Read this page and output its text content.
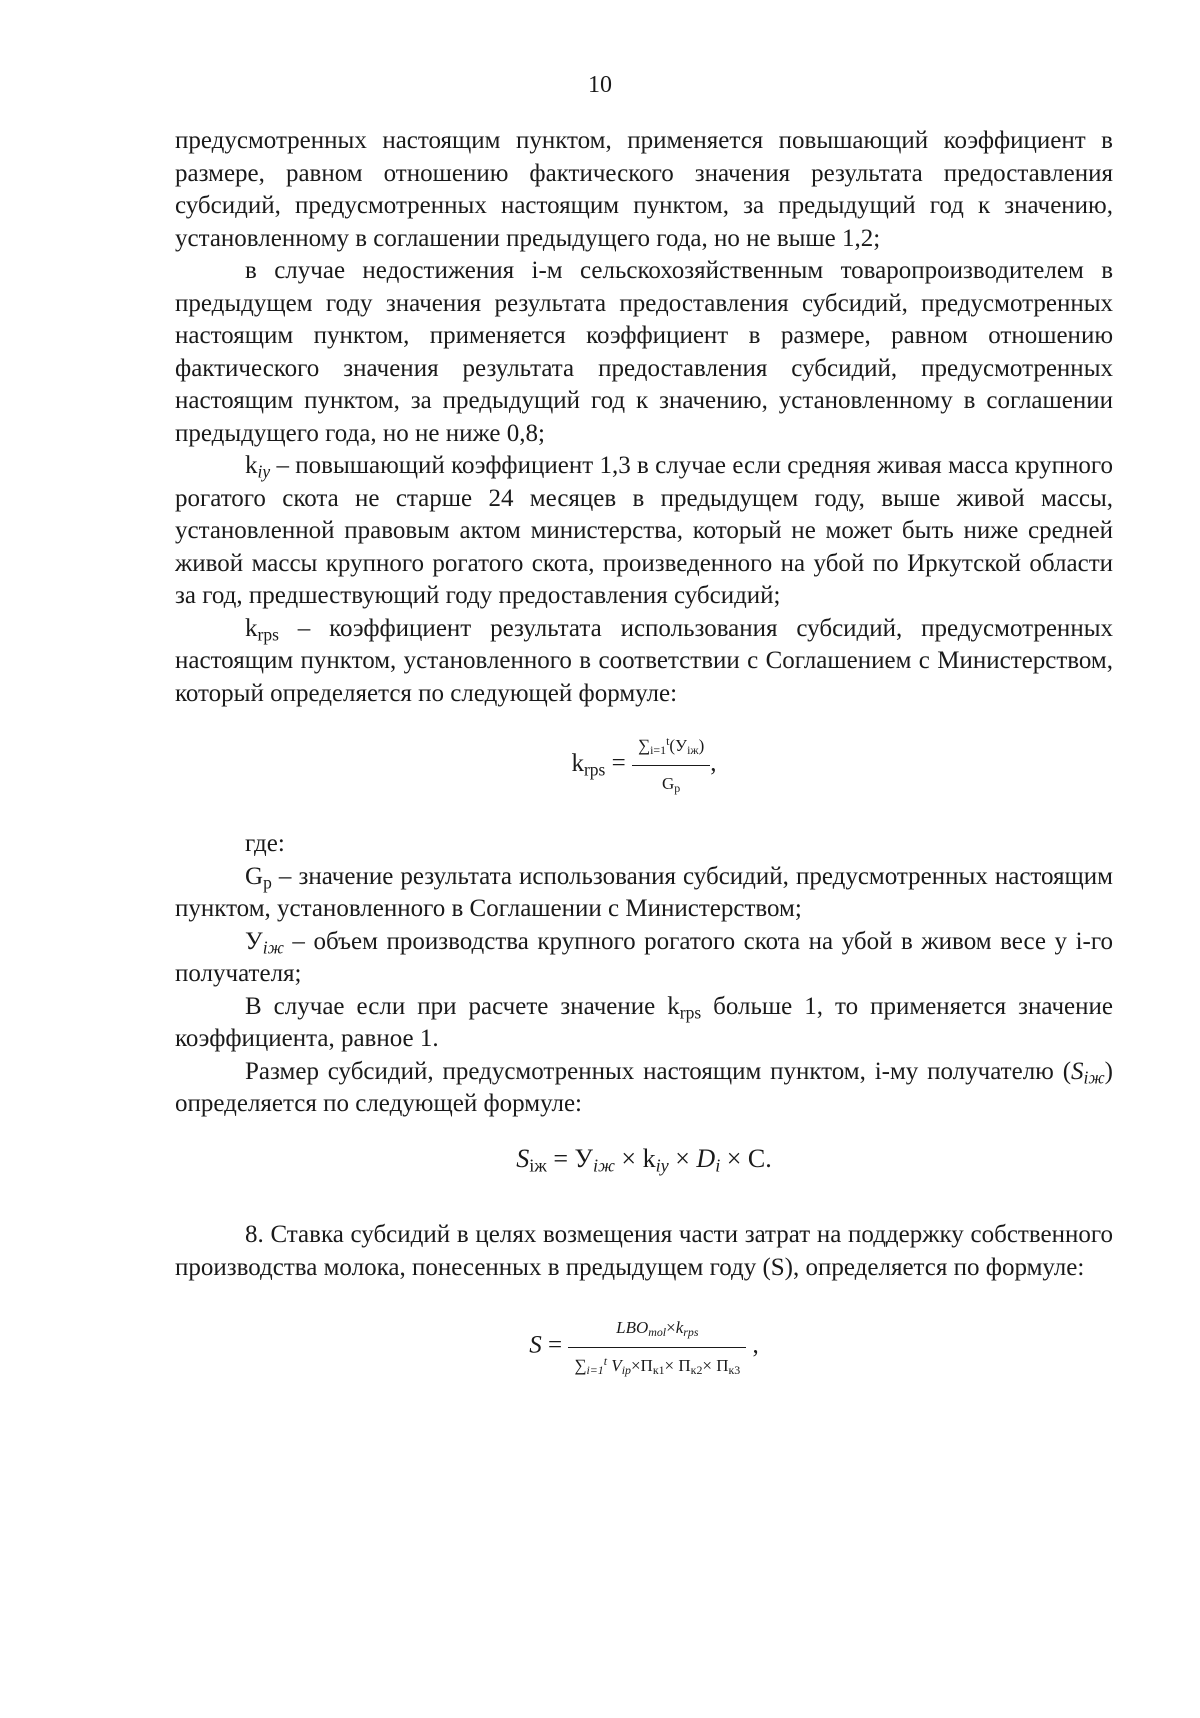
10

предусмотренных настоящим пунктом, применяется повышающий коэффициент в размере, равном отношению фактического значения результата предоставления субсидий, предусмотренных настоящим пунктом, за предыдущий год к значению, установленному в соглашении предыдущего года, но не выше 1,2;

в случае недостижения i-м сельскохозяйственным товаропроизводителем в предыдущем году значения результата предоставления субсидий, предусмотренных настоящим пунктом, применяется коэффициент в размере, равном отношению фактического значения результата предоставления субсидий, предусмотренных настоящим пунктом, за предыдущий год к значению, установленному в соглашении предыдущего года, но не ниже 0,8;

$k_{iу}$ – повышающий коэффициент 1,3 в случае если средняя живая масса крупного рогатого скота не старше 24 месяцев в предыдущем году, выше живой массы, установленной правовым актом министерства, который не может быть ниже средней живой массы крупного рогатого скота, произведенного на убой по Иркутской области за год, предшествующий году предоставления субсидий;

$k_{rps}$ – коэффициент результата использования субсидий, предусмотренных настоящим пунктом, установленного в соответствии с Соглашением с Министерством, который определяется по следующей формуле:

$k_{rps} = \frac{\sum_{i=1}^t(У_{iж})}{G_p}$ ,

где:

$G_p$ – значение результата использования субсидий, предусмотренных настоящим пунктом, установленного в Соглашении с Министерством;

$У_{iж}$ – объем производства крупного рогатого скота на убой в живом весе у i-го получателя;

В случае если при расчете значение $k_{rps}$ больше 1, то применяется значение коэффициента, равное 1.

Размер субсидий, предусмотренных настоящим пунктом, i-му получателю $(S_{iж})$ определяется по следующей формуле:

$S_{iж} = У_{iж} \times k_{iу} \times D_i \times C$.

8. Ставка субсидий в целях возмещения части затрат на поддержку собственного производства молока, понесенных в предыдущем году (S), определяется по формуле:

$S = \frac{LBO_{mol}\times k_{rps}}{\sum_{i=1}^t V_{ip}\times П_{к1}\times П_{к2}\times П_{к3}}$ ,
